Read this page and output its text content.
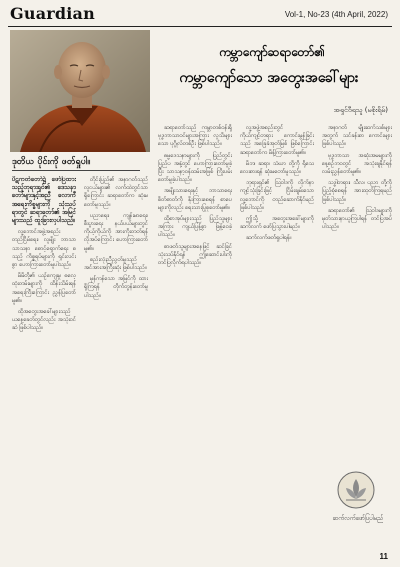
Guardian	Vol-1, No-23 (4th April, 2022)
ကမ္ဘာကျော်ဆရာတော်၏
ကမ္ဘာကျော်သော အတွေးအခေါ်များ
အရှင်ဝီရသူ (မစိုးရိမ်)
ဒုတိယ ပိုင်းကို ဖတ်ရှုပါ။

ပိဋကတ်တော်၌ ဖော်ပြထားသည့်ဘုရားရှင်၏ ဒေသနာတော်များနှင့်အညီ လောကီအရေးကိစ္စများကို သုံးသပ်ရာတွင် ဆရာတော်၏ အမြင်များသည် ထူးခြားလှပါသည်။

လူ့ဘောင်အဖွဲ့အစည်း တည်ငြိမ်ရေး၊ လူမျိုး ဘာသာ သာသနာ စောင့်ရှောက်ရေး စသည့် ကိစ္စရပ်များကို ရှင်းလင်းစွာ ဟောကြားတော်မူပါသည်။

မိမိတို့၏ ယဉ်ကျေးမှု ဓလေ့ထုံးတမ်းများကို ထိန်းသိမ်းရန် အရေးကြီးကြောင်း ညွှန်ပြတော်မူ၏။

ထိုအတွေးအခေါ်များသည် ယနေ့ခေတ်တွင်လည်း အသုံးဝင်ဆဲ ဖြစ်ပါသည်။

တိုင်းပြည်၏ အနာဂတ်သည် လူငယ်များ၏ လက်ထဲတွင်သာ ရှိကြောင်း ဆရာတော်က ဆုံးမတော်မူသည်။

ပညာရေး၊ ကျန်းမာရေး၊ စီးပွားရေး နယ်ပယ်များတွင် ကိုယ့်ကိုယ်ကို အားကိုးတတ်ရန် လိုအပ်ကြောင်း ဟောကြားတော်မူ၏။

စည်းလုံးညီညွတ်မှုသည် အင်အားအကြီးဆုံး ဖြစ်ပါသည်။

မှန်ကန်သော အမြင်ကို ထားရှိကြရန် တိုက်တွန်းတော်မူပါသည်။

ဆရာတော်သည် ကမ္ဘာတစ်ဝန်းရှိ ဗုဒ္ဓဘာသာဝင်များအကြား လူသိများသော ပုဂ္ဂိုလ်တစ်ဦး ဖြစ်ပါသည်။

ဓမ္မဒေသနာများကို ပြည်တွင်းပြည်ပ အနှံ့တွင် ဟောကြားတော်မူခဲ့ပြီး သာသနာ့ဝန်ထမ်းအဖြစ် ကြိုးပမ်းတော်မူခဲ့ပါသည်။

အမျိုးသားရေးနှင့် ဘာသာရေး စိတ်ဓာတ်ကို နိုးကြားစေရန် စာပေများကိုလည်း ရေးသားပြုစုတော်မူ၏။

ထိုစာအုပ်များသည် ပြည်သူများအကြား ကျယ်ပြန့်စွာ ဖြန့်ဝေခဲ့ပါသည်။

စာဖတ်သူများအနေဖြင့် ဆင်ခြင်သုံးသပ်နိုင်ရန် ဤဆောင်းပါးကို တင်ပြလိုက်ရပါသည်။

လူ့အဖွဲ့အစည်းတွင် ကိုယ်ကျင့်တရား ကောင်းမွန်ခြင်းသည် အခြေခံအုတ်မြစ် ဖြစ်ကြောင်း ဆရာတော်က မိန့်ကြားတော်မူ၏။

မိဘ၊ ဆရာ၊ သံဃာ တို့ကို ရိုသေလေးစားရန် ဆုံးမတော်မူသည်။

ဘုရားရှင်၏ ဩဝါဒကို လိုက်နာကျင့်သုံးခြင်းဖြင့် ငြိမ်းချမ်းသော လူ့ဘောင်ကို တည်ဆောက်နိုင်မည် ဖြစ်ပါသည်။

ဤသို့ အတွေးအခေါ်များကို ဆက်လက် ဖော်ပြသွားပါမည်။

ဆက်လက်ဖတ်ရှုပါရန်။

အနာဂတ် မျိုးဆက်သစ်များအတွက် သင်ခန်းစာ ကောင်းများ ဖြစ်ပါသည်။

ဗုဒ္ဓဘာသာ အဆုံးအမများကို နေ့စဉ်ဘဝတွင် အသုံးချနိုင်ရန် လမ်းညွှန်တော်မူ၏။

သဒ္ဓါတရား၊ သီလ၊ ပညာ တို့ကို ပြည့်စုံစေရန် အားထုတ်ကြရမည် ဖြစ်ပါသည်။

ဆရာတော်၏ ဩဝါဒများကို မှတ်သားနာယူကြပါရန် တင်ပြအပ်ပါသည်။

ဆက်လက်ဖော်ပြပါမည်
11
